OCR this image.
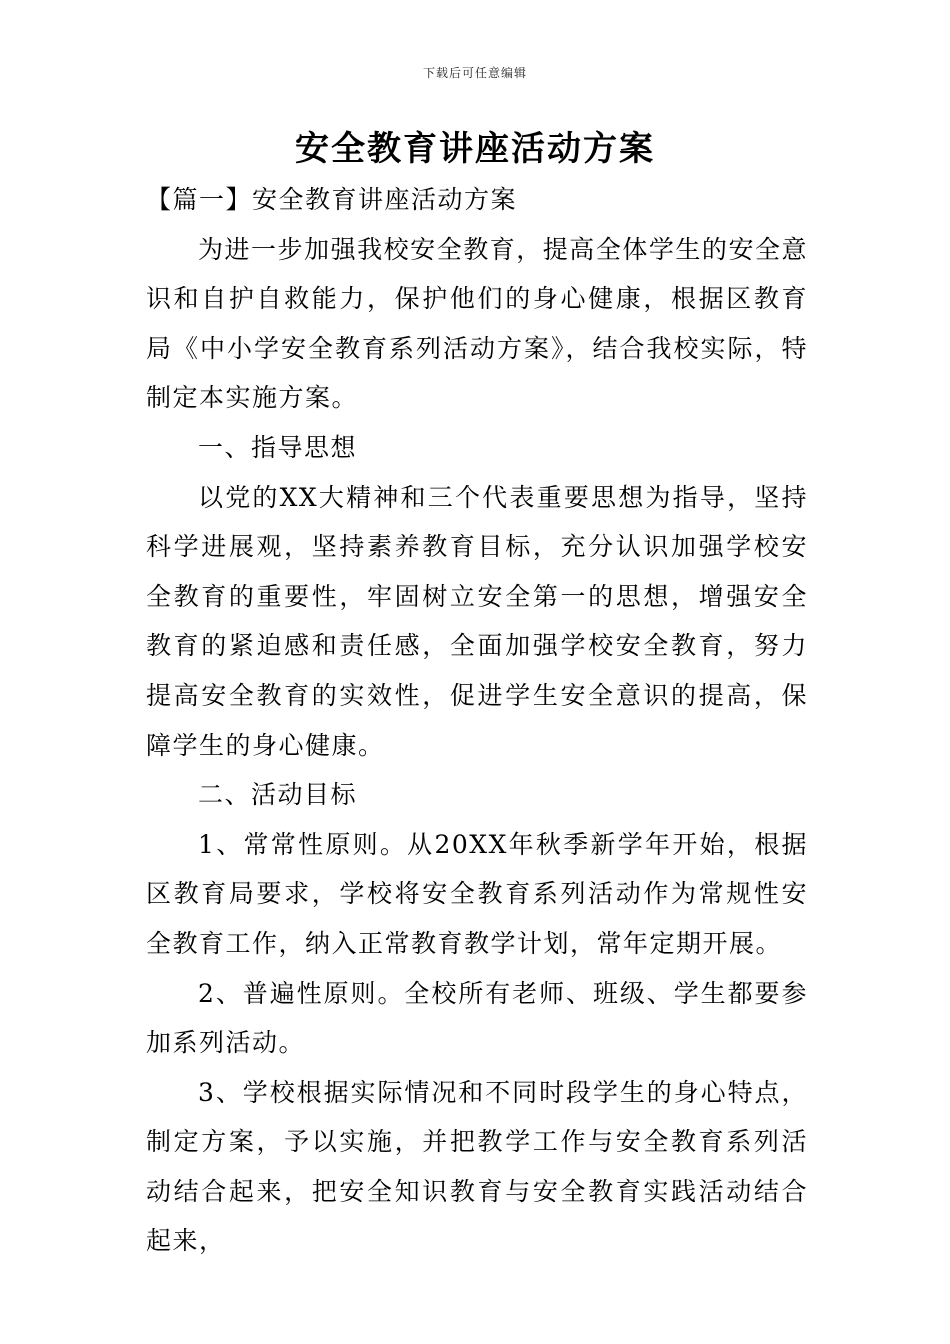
下载后可任意编辑
安全教育讲座活动方案

【篇一】安全教育讲座活动方案

为进一步加强我校安全教育，提高全体学生的安全意识和自护自救能力，保护他们的身心健康，根据区教育局《中小学安全教育系列活动方案》，结合我校实际，特制定本实施方案。

一、指导思想

以党的XX大精神和三个代表重要思想为指导，坚持科学进展观，坚持素养教育目标，充分认识加强学校安全教育的重要性，牢固树立安全第一的思想，增强安全教育的紧迫感和责任感，全面加强学校安全教育，努力提高安全教育的实效性，促进学生安全意识的提高，保障学生的身心健康。

二、活动目标

1、常常性原则。从20XX年秋季新学年开始，根据区教育局要求，学校将安全教育系列活动作为常规性安全教育工作，纳入正常教育教学计划，常年定期开展。

2、普遍性原则。全校所有老师、班级、学生都要参加系列活动。

3、学校根据实际情况和不同时段学生的身心特点，制定方案，予以实施，并把教学工作与安全教育系列活动结合起来，把安全知识教育与安全教育实践活动结合起来，
